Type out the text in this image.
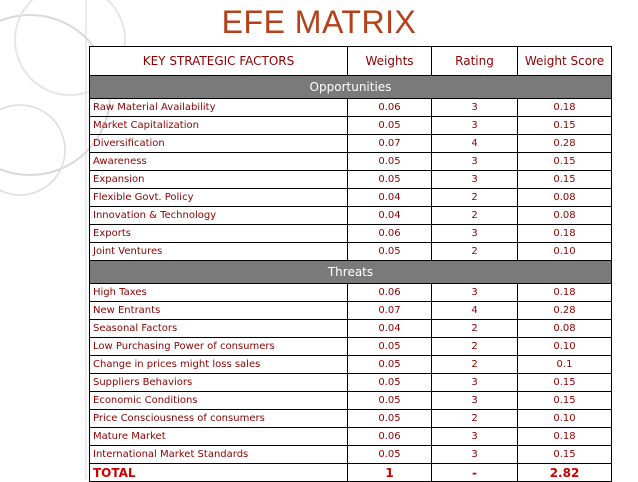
EFE MATRIX
KEY STRATEGIC FACTORS	Weights	Rating	Weight Score
Opportunities			
Raw Material Availability	0.06	3	0.18
Market Capitalization	0.05	3	0.15
Diversification	0.07	4	0.28
Awareness	0.05	3	0.15
Expansion	0.05	3	0.15
Flexible Govt. Policy	0.04	2	0.08
Innovation & Technology	0.04	2	0.08
Exports	0.06	3	0.18
Joint Ventures	0.05	2	0.10
Threats			
High Taxes	0.06	3	0.18
New Entrants	0.07	4	0.28
Seasonal Factors	0.04	2	0.08
Low Purchasing Power of consumers	0.05	2	0.10
Change in prices might loss sales	0.05	2	0.1
Suppliers Behaviors	0.05	3	0.15
Economic Conditions	0.05	3	0.15
Price Consciousness of consumers	0.05	2	0.10
Mature Market	0.06	3	0.18
International Market Standards	0.05	3	0.15
TOTAL	1	-	2.82
